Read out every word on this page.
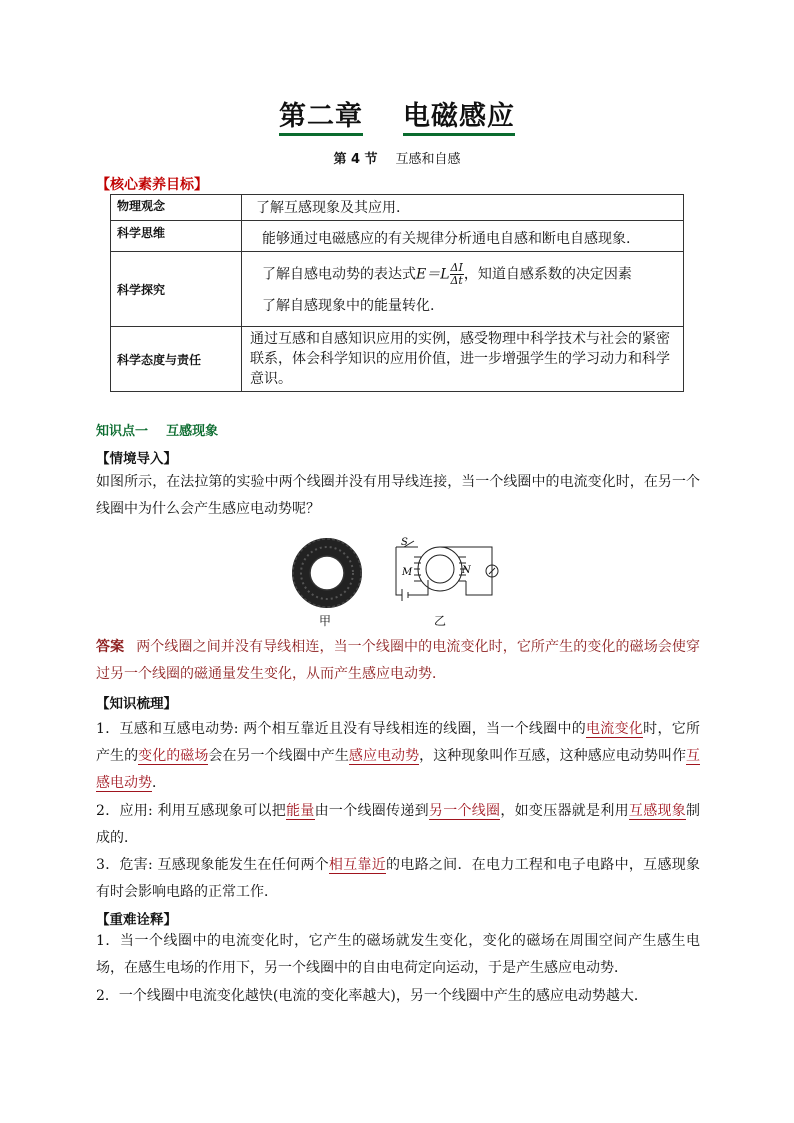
第二章 电磁感应
第 4 节 互感和自感
【核心素养目标】
物理观念	了解互感现象及其应用.
科学思维	能够通过电磁感应的有关规律分析通电自感和断电自感现象.
科学探究	了解自感电动势的表达式$E=L \frac{\Delta I}{\Delta t}$ ，知道自感系数的决定因素
了解自感现象中的能量转化.

科学态度与责任	通过互感和自感知识应用的实例，感受物理中科学技术与社会的紧密联系，体会科学知识的应用价值，进一步增强学生的学习动力和科学意识。
知识点一    互感现象
【情境导入】
如图所示，在法拉第的实验中两个线圈并没有用导线连接，当一个线圈中的电流变化时，在另一个线圈中为什么会产生感应电动势呢？
甲
S
M	N
乙
答案 两个线圈之间并没有导线相连，当一个线圈中的电流变化时，它所产生的变化的磁场会使穿过另一个线圈的磁通量发生变化，从而产生感应电动势．
【知识梳理】
1．互感和互感电动势: 两个相互靠近且没有导线相连的线圈，当一个线圈中的电流变化时，它所产生的变化的磁场会在另一个线圈中产生感应电动势，这种现象叫作互感，这种感应电动势叫作互感电动势．
2．应用: 利用互感现象可以把能量由一个线圈传递到另一个线圈，如变压器就是利用互感现象制成的．
3．危害: 互感现象能发生在任何两个相互靠近的电路之间．在电力工程和电子电路中，互感现象有时会影响电路的正常工作．
【重难诠释】
1．当一个线圈中的电流变化时，它产生的磁场就发生变化，变化的磁场在周围空间产生感生电场，在感生电场的作用下，另一个线圈中的自由电荷定向运动，于是产生感应电动势．
2．一个线圈中电流变化越快(电流的变化率越大)，另一个线圈中产生的感应电动势越大．
